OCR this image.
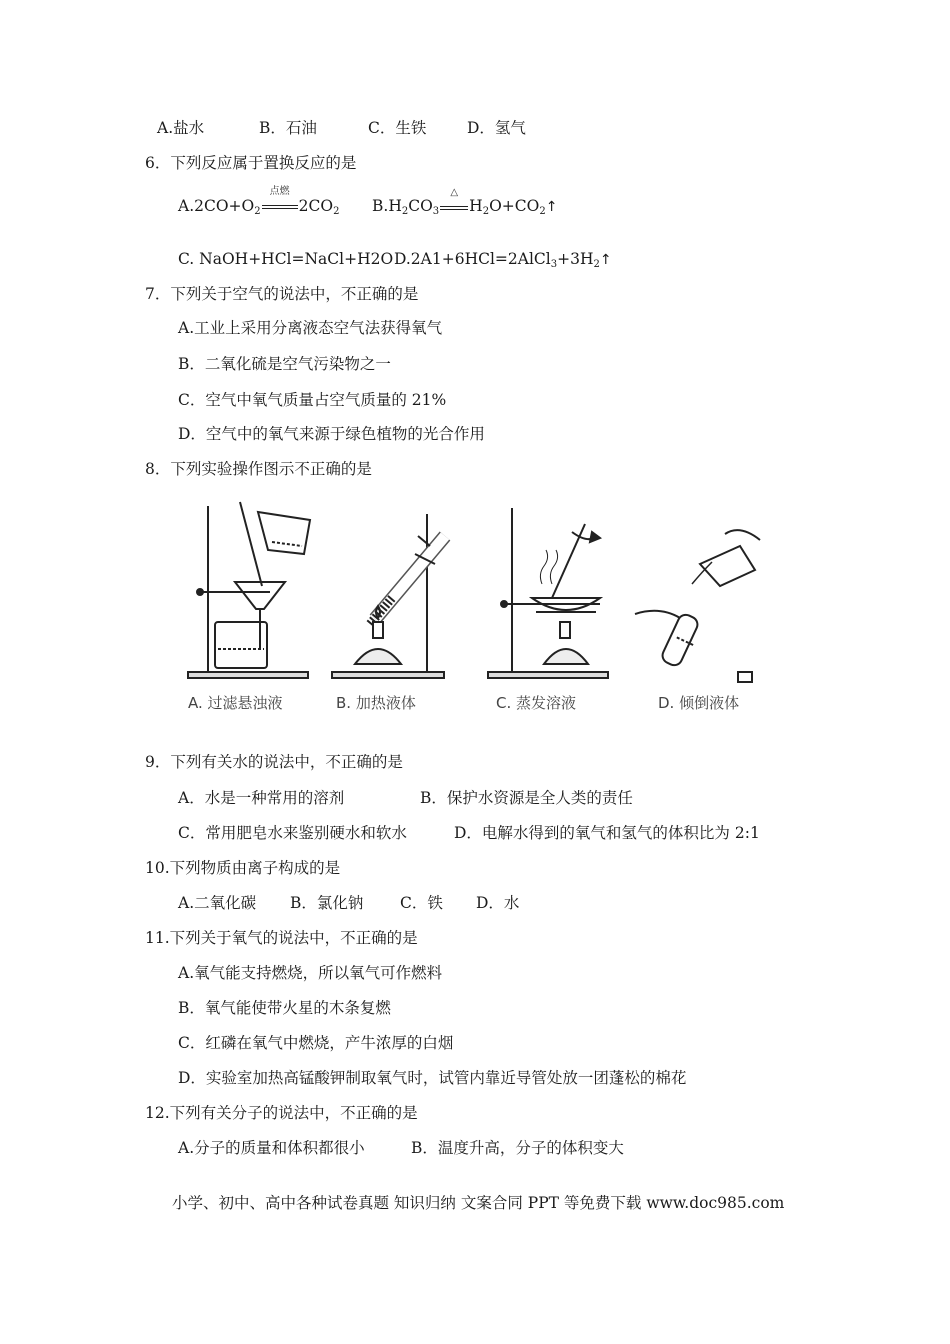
A.盐水	B．石油	C．生铁	D．氢气
6．下列反应属于置换反应的是
$A.2CO+O_2$
点燃
$2CO_2$ $B.H_2CO_3$
△
$H_2O+CO_2↑$
C. NaOH+HCl=NaCl+H2O $D.2A1+6HCl=2AlCl_3+3H_2↑$
7．下列关于空气的说法中，不正确的是
A.工业上采用分离液态空气法获得氧气
B．二氧化硫是空气污染物之一
C．空气中氧气质量占空气质量的 21%
D．空气中的氧气来源于绿色植物的光合作用
8．下列实验操作图示不正确的是
A. 过滤悬浊液	B. 加热液体	C. 蒸发溶液	D. 倾倒液体
9．下列有关水的说法中，不正确的是
A．水是一种常用的溶剂	B．保护水资源是全人类的责任
C．常用肥皂水来鉴别硬水和软水	D．电解水得到的氧气和氢气的体积比为 2:1
10.下列物质由离子构成的是
A.二氧化碳 B．氯化钠 C．铁 D．水
11.下列关于氧气的说法中，不正确的是
A.氧气能支持燃烧，所以氧气可作燃料
B．氧气能使带火星的木条复燃
C．红磷在氧气中燃烧，产牛浓厚的白烟
D．实验室加热高锰酸钾制取氧气时，试管内靠近导管处放一团蓬松的棉花
12.下列有关分子的说法中，不正确的是
A.分子的质量和体积都很小	B．温度升高，分子的体积变大
小学、初中、高中各种试卷真题 知识归纳 文案合同 PPT 等免费下载 www.doc985.com
